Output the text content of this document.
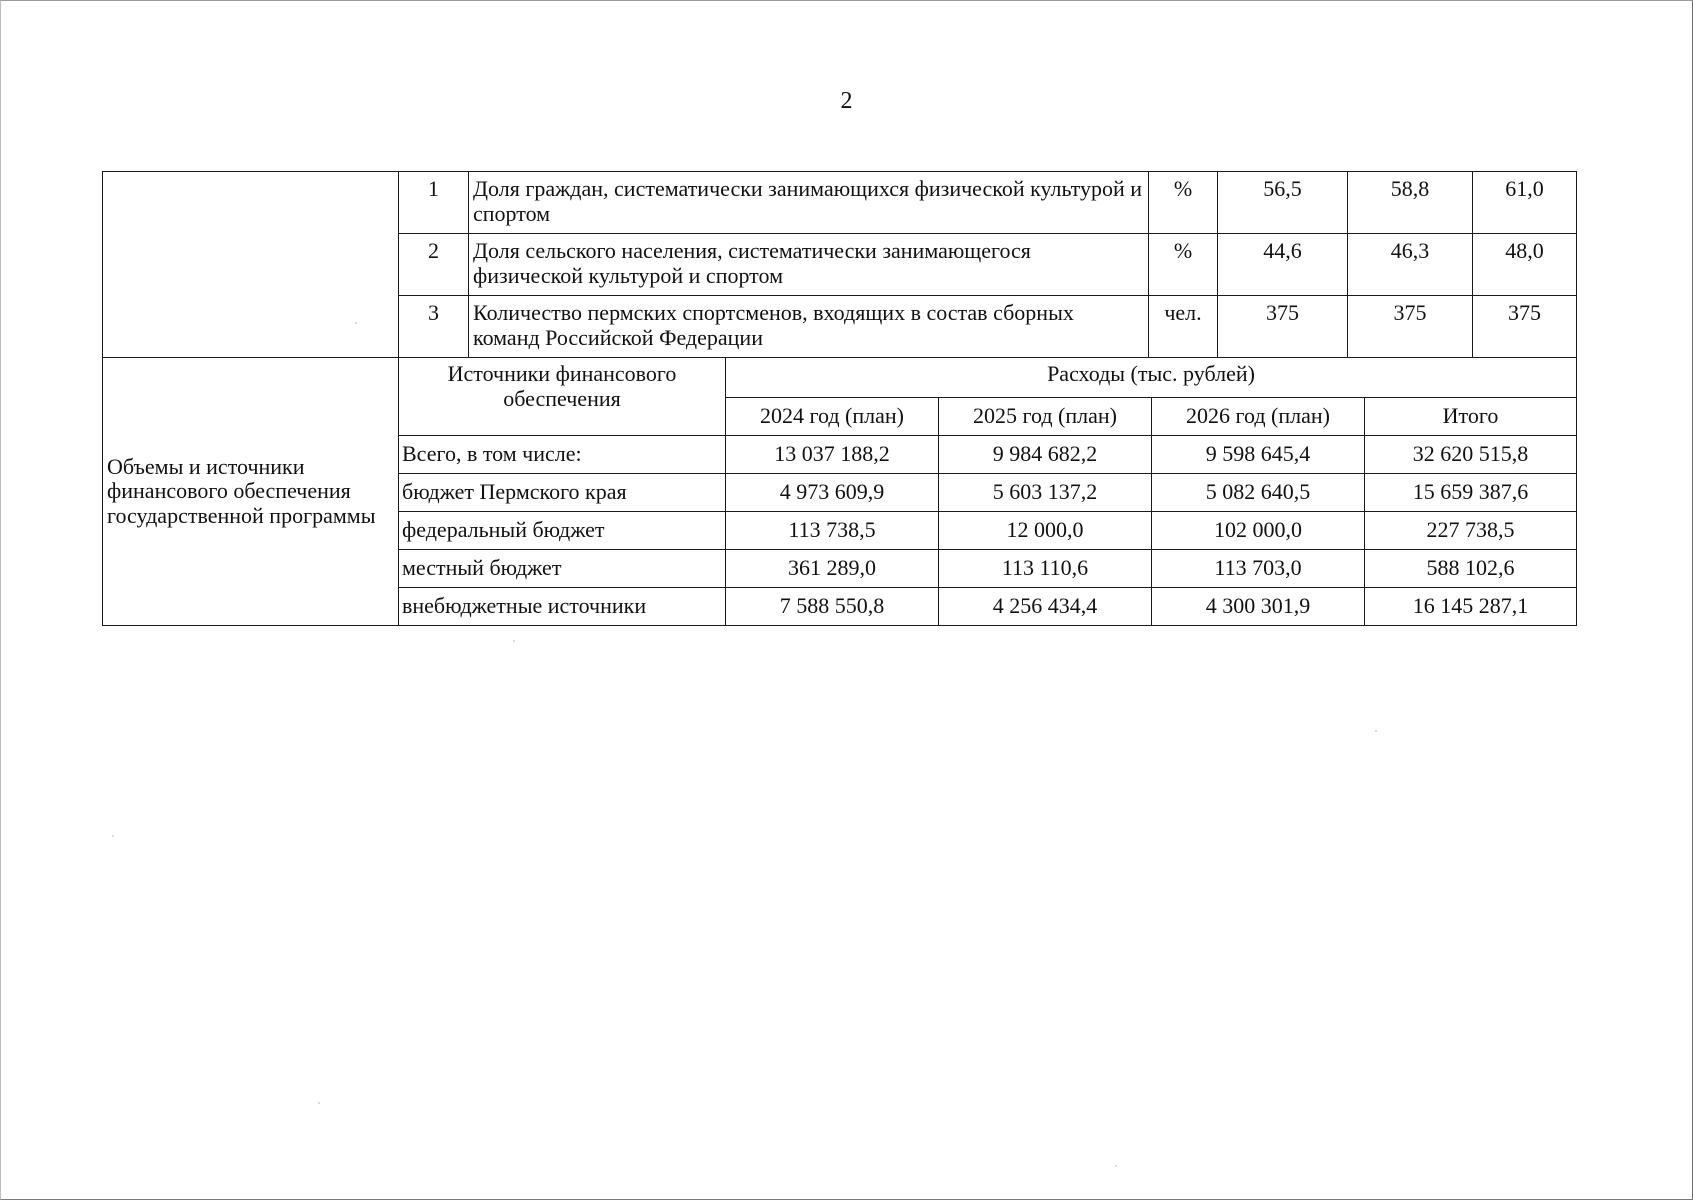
2
	1	Доля граждан, систематически занимающихся физической культурой и спортом	%	56,5	58,8	61,0
	2	Доля сельского населения, систематически занимающегося физической культурой и спортом	%	44,6	46,3	48,0
	3	Количество пермских спортсменов, входящих в состав сборных команд Российской Федерации	чел.	375	375	375
Объемы и источники финансового обеспечения государственной программы	Источники финансового обеспечения	Расходы (тыс. рублей)			
		2024 год (план)	2025 год (план)	2026 год (план)	Итого
	Всего, в том числе:	13 037 188,2	9 984 682,2	9 598 645,4	32 620 515,8
	бюджет Пермского края	4 973 609,9	5 603 137,2	5 082 640,5	15 659 387,6
	федеральный бюджет	113 738,5	12 000,0	102 000,0	227 738,5
	местный бюджет	361 289,0	113 110,6	113 703,0	588 102,6
	внебюджетные источники	7 588 550,8	4 256 434,4	4 300 301,9	16 145 287,1
